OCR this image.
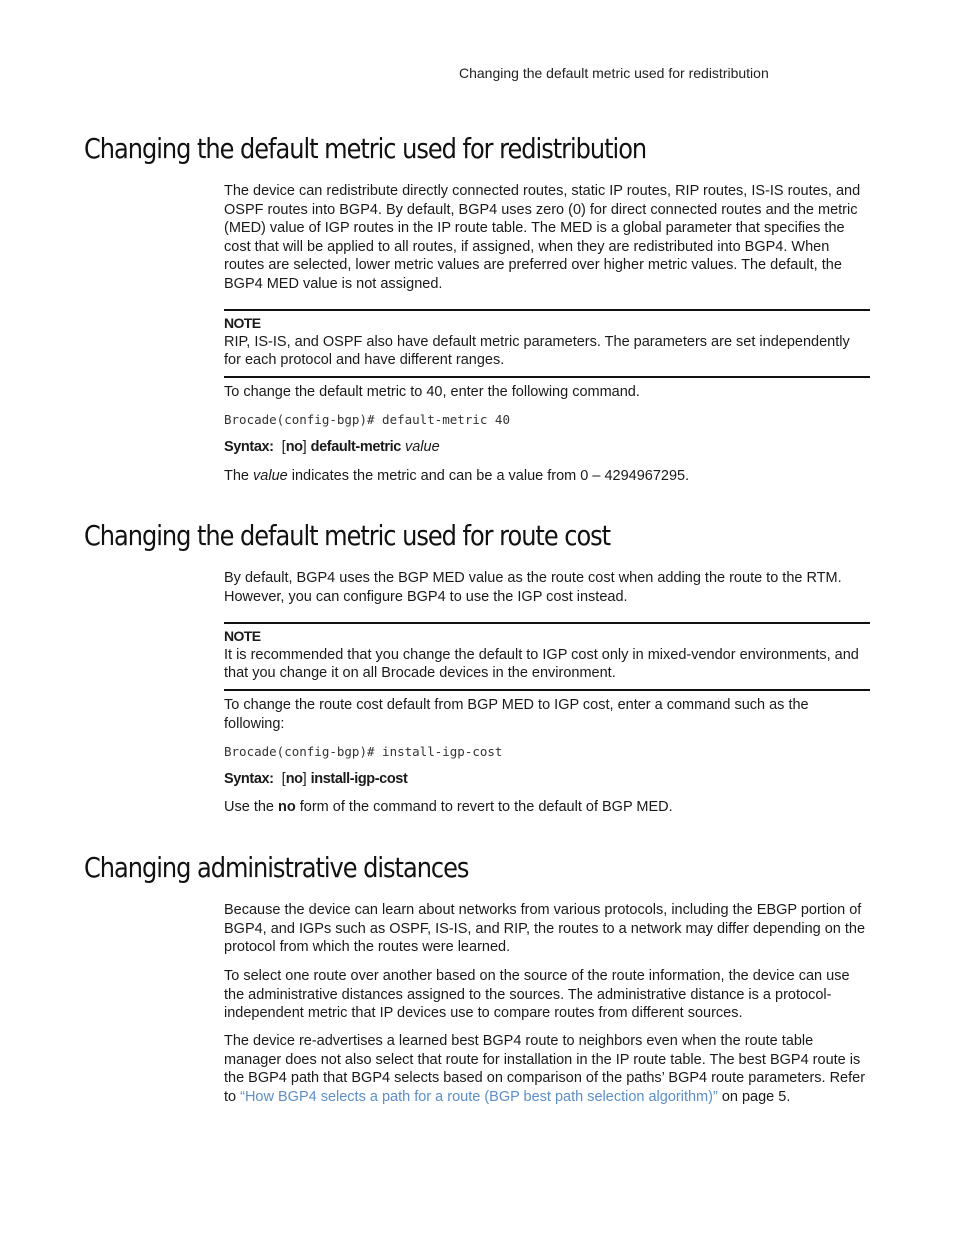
Changing the default metric used for redistribution
Changing the default metric used for redistribution

The device can redistribute directly connected routes, static IP routes, RIP routes, IS-IS routes, and OSPF routes into BGP4. By default, BGP4 uses zero (0) for direct connected routes and the metric (MED) value of IGP routes in the IP route table. The MED is a global parameter that specifies the cost that will be applied to all routes, if assigned, when they are redistributed into BGP4. When routes are selected, lower metric values are preferred over higher metric values. The default, the BGP4 MED value is not assigned.

NOTE
RIP, IS-IS, and OSPF also have default metric parameters. The parameters are set independently for each protocol and have different ranges.

To change the default metric to 40, enter the following command.

Brocade(config-bgp)# default-metric 40
Syntax: [no] default-metric value

The value indicates the metric and can be a value from 0 – 4294967295.

Changing the default metric used for route cost

By default, BGP4 uses the BGP MED value as the route cost when adding the route to the RTM. However, you can configure BGP4 to use the IGP cost instead.

NOTE
It is recommended that you change the default to IGP cost only in mixed-vendor environments, and that you change it on all Brocade devices in the environment.

To change the route cost default from BGP MED to IGP cost, enter a command such as the following:

Brocade(config-bgp)# install-igp-cost
Syntax: [no] install-igp-cost

Use the no form of the command to revert to the default of BGP MED.

Changing administrative distances

Because the device can learn about networks from various protocols, including the EBGP portion of BGP4, and IGPs such as OSPF, IS-IS, and RIP, the routes to a network may differ depending on the protocol from which the routes were learned.

To select one route over another based on the source of the route information, the device can use the administrative distances assigned to the sources. The administrative distance is a protocol-independent metric that IP devices use to compare routes from different sources.

The device re-advertises a learned best BGP4 route to neighbors even when the route table manager does not also select that route for installation in the IP route table. The best BGP4 route is the BGP4 path that BGP4 selects based on comparison of the paths’ BGP4 route parameters. Refer to “How BGP4 selects a path for a route (BGP best path selection algorithm)” on page 5.
